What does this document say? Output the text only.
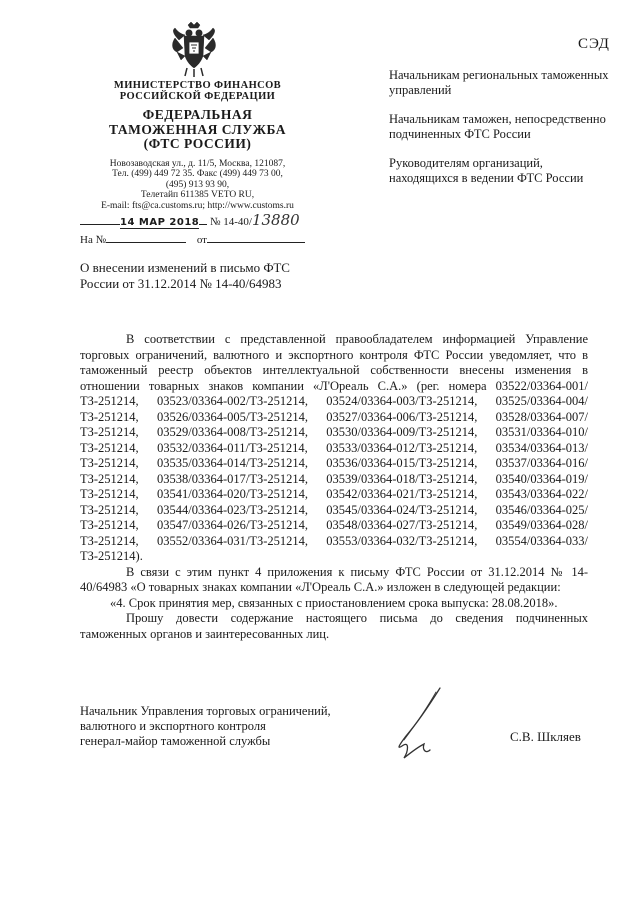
СЭД
МИНИСТЕРСТВО ФИНАНСОВ
РОССИЙСКОЙ ФЕДЕРАЦИИ
ФЕДЕРАЛЬНАЯ
ТАМОЖЕННАЯ СЛУЖБА
(ФТС РОССИИ)
Новозаводская ул., д. 11/5, Москва, 121087,
Тел. (499) 449 72 35. Факс (499) 449 73 00,
(495) 913 93 90,
Телетайп 611385 VETO RU,
E-mail: fts@ca.customs.ru; http://www.customs.ru
14 МАР 2018 № 14-40/13880
На №	от

Начальникам региональных таможенных управлений

Начальникам таможен, непосредственно подчиненных ФТС России

Руководителям организаций, находящихся в ведении ФТС России

О внесении изменений в письмо ФТС России от 31.12.2014 № 14-40/64983

В соответствии с представленной правообладателем информацией Управление торговых ограничений, валютного и экспортного контроля ФТС России уведомляет, что в таможенный реестр объектов интеллектуальной собственности внесены изменения в отношении товарных знаков компании «Л'Ореаль С.А.» (рег. номера 03522/03364-001/ТЗ-251214, 03523/03364-002/ТЗ-251214, 03524/03364-003/ТЗ-251214, 03525/03364-004/ТЗ-251214, 03526/03364-005/ТЗ-251214, 03527/03364-006/ТЗ-251214, 03528/03364-007/ТЗ-251214, 03529/03364-008/ТЗ-251214, 03530/03364-009/ТЗ-251214, 03531/03364-010/ТЗ-251214, 03532/03364-011/ТЗ-251214, 03533/03364-012/ТЗ-251214, 03534/03364-013/ТЗ-251214, 03535/03364-014/ТЗ-251214, 03536/03364-015/ТЗ-251214, 03537/03364-016/ТЗ-251214, 03538/03364-017/ТЗ-251214, 03539/03364-018/ТЗ-251214, 03540/03364-019/ТЗ-251214, 03541/03364-020/ТЗ-251214, 03542/03364-021/ТЗ-251214, 03543/03364-022/ТЗ-251214, 03544/03364-023/ТЗ-251214, 03545/03364-024/ТЗ-251214, 03546/03364-025/ТЗ-251214, 03547/03364-026/ТЗ-251214, 03548/03364-027/ТЗ-251214, 03549/03364-028/ТЗ-251214, 03552/03364-031/ТЗ-251214, 03553/03364-032/ТЗ-251214, 03554/03364-033/ТЗ-251214).

В связи с этим пункт 4 приложения к письму ФТС России от 31.12.2014 № 14-40/64983 «О товарных знаках компании «Л'Ореаль С.А.» изложен в следующей редакции:

«4. Срок принятия мер, связанных с приостановлением срока выпуска: 28.08.2018».

Прошу довести содержание настоящего письма до сведения подчиненных таможенных органов и заинтересованных лиц.

Начальник Управления торговых ограничений,
валютного и экспортного контроля
генерал-майор таможенной службы	С.В. Шкляев
